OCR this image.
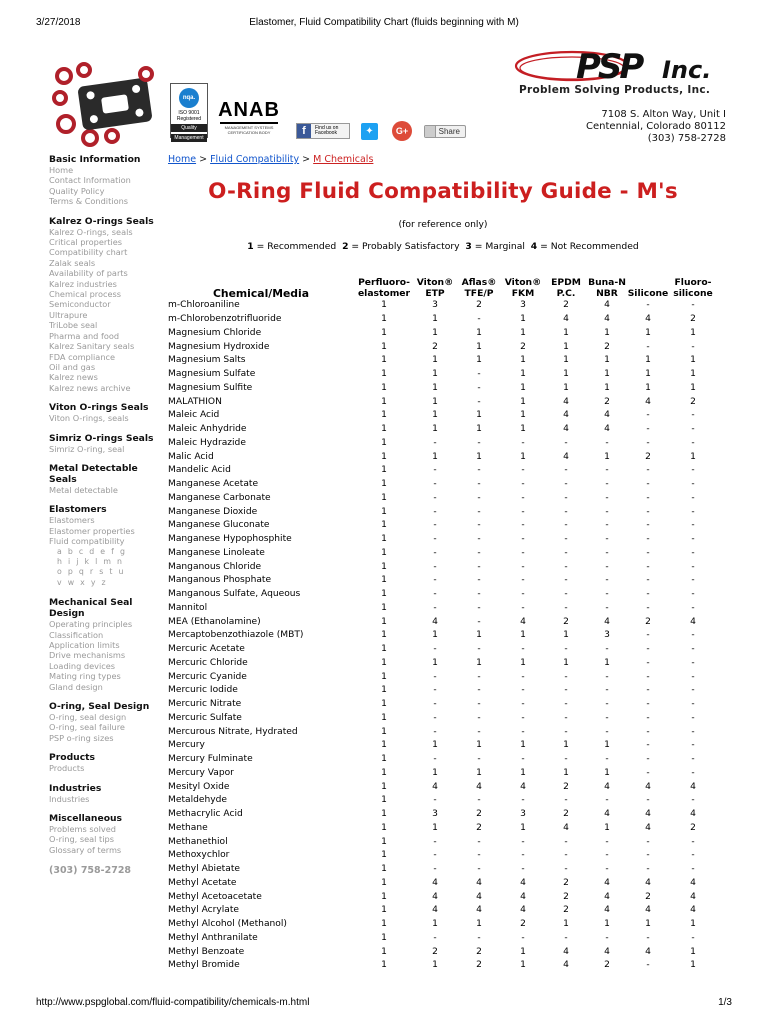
3/27/2018	Elastomer, Fluid Compatibility Chart (fluids beginning with M)
nqa.
ISO 9001
Registered
Quality
Management
ANAB
MANAGEMENT SYSTEMS CERTIFICATION BODY	f	Find us on
Facebook	✦	G+	Share
PSP Inc.
Problem Solving Products, Inc.
7108 S. Alton Way, Unit I
Centennial, Colorado 80112
(303) 758-2728
Basic Information
Home
Contact Information
Quality Policy
Terms & Conditions
Kalrez O-rings Seals
Kalrez O-rings, seals
Critical properties
Compatibility chart
Zalak seals
Availability of parts
Kalrez industries
Chemical process
Semiconductor
Ultrapure
TriLobe seal
Pharma and food
Kalrez Sanitary seals
FDA compliance
Oil and gas
Kalrez news
Kalrez news archive
Viton O-rings Seals
Viton O-rings, seals
Simriz O-rings Seals
Simriz O-ring, seal
Metal Detectable Seals
Metal detectable
Elastomers
Elastomers
Elastomer properties
Fluid compatibility
a b c d e f g
h i j k l m n
o p q r s t u
v w x y z
Mechanical Seal Design
Operating principles
Classification
Application limits
Drive mechanisms
Loading devices
Mating ring types
Gland design
O-ring, Seal Design
O-ring, seal design
O-ring, seal failure
PSP o-ring sizes
Products
Products
Industries
Industries
Miscellaneous
Problems solved
O-ring, seal tips
Glossary of terms
(303) 758-2728
Home > Fluid Compatibility > M Chemicals
O-Ring Fluid Compatibility Guide - M's
(for reference only)
1 = Recommended 2 = Probably Satisfactory 3 = Marginal 4 = Not Recommended
Chemical/Media	Perfluoro-elastomer	Viton® ETP	Aflas® TFE/P	Viton® FKM	EPDM P.C.	Buna-N NBR	Silicone	Fluoro-silicone
m-Chloroaniline	1	3	2	3	2	4	-	-
m-Chlorobenzotrifluoride	1	1	-	1	4	4	4	2
Magnesium Chloride	1	1	1	1	1	1	1	1
Magnesium Hydroxide	1	2	1	2	1	2	-	-
Magnesium Salts	1	1	1	1	1	1	1	1
Magnesium Sulfate	1	1	-	1	1	1	1	1
Magnesium Sulfite	1	1	-	1	1	1	1	1
MALATHION	1	1	-	1	4	2	4	2
Maleic Acid	1	1	1	1	4	4	-	-
Maleic Anhydride	1	1	1	1	4	4	-	-
Maleic Hydrazide	1	-	-	-	-	-	-	-
Malic Acid	1	1	1	1	4	1	2	1
Mandelic Acid	1	-	-	-	-	-	-	-
Manganese Acetate	1	-	-	-	-	-	-	-
Manganese Carbonate	1	-	-	-	-	-	-	-
Manganese Dioxide	1	-	-	-	-	-	-	-
Manganese Gluconate	1	-	-	-	-	-	-	-
Manganese Hypophosphite	1	-	-	-	-	-	-	-
Manganese Linoleate	1	-	-	-	-	-	-	-
Manganous Chloride	1	-	-	-	-	-	-	-
Manganous Phosphate	1	-	-	-	-	-	-	-
Manganous Sulfate, Aqueous	1	-	-	-	-	-	-	-
Mannitol	1	-	-	-	-	-	-	-
MEA (Ethanolamine)	1	4	-	4	2	4	2	4
Mercaptobenzothiazole (MBT)	1	1	1	1	1	3	-	-
Mercuric Acetate	1	-	-	-	-	-	-	-
Mercuric Chloride	1	1	1	1	1	1	-	-
Mercuric Cyanide	1	-	-	-	-	-	-	-
Mercuric Iodide	1	-	-	-	-	-	-	-
Mercuric Nitrate	1	-	-	-	-	-	-	-
Mercuric Sulfate	1	-	-	-	-	-	-	-
Mercurous Nitrate, Hydrated	1	-	-	-	-	-	-	-
Mercury	1	1	1	1	1	1	-	-
Mercury Fulminate	1	-	-	-	-	-	-	-
Mercury Vapor	1	1	1	1	1	1	-	-
Mesityl Oxide	1	4	4	4	2	4	4	4
Metaldehyde	1	-	-	-	-	-	-	-
Methacrylic Acid	1	3	2	3	2	4	4	4
Methane	1	1	2	1	4	1	4	2
Methanethiol	1	-	-	-	-	-	-	-
Methoxychlor	1	-	-	-	-	-	-	-
Methyl Abietate	1	-	-	-	-	-	-	-
Methyl Acetate	1	4	4	4	2	4	4	4
Methyl Acetoacetate	1	4	4	4	2	4	2	4
Methyl Acrylate	1	4	4	4	2	4	4	4
Methyl Alcohol (Methanol)	1	1	1	2	1	1	1	1
Methyl Anthranilate	1	-	-	-	-	-	-	-
Methyl Benzoate	1	2	2	1	4	4	4	1
Methyl Bromide	1	1	2	1	4	2	-	1
http://www.pspglobal.com/fluid-compatibility/chemicals-m.html	1/3
